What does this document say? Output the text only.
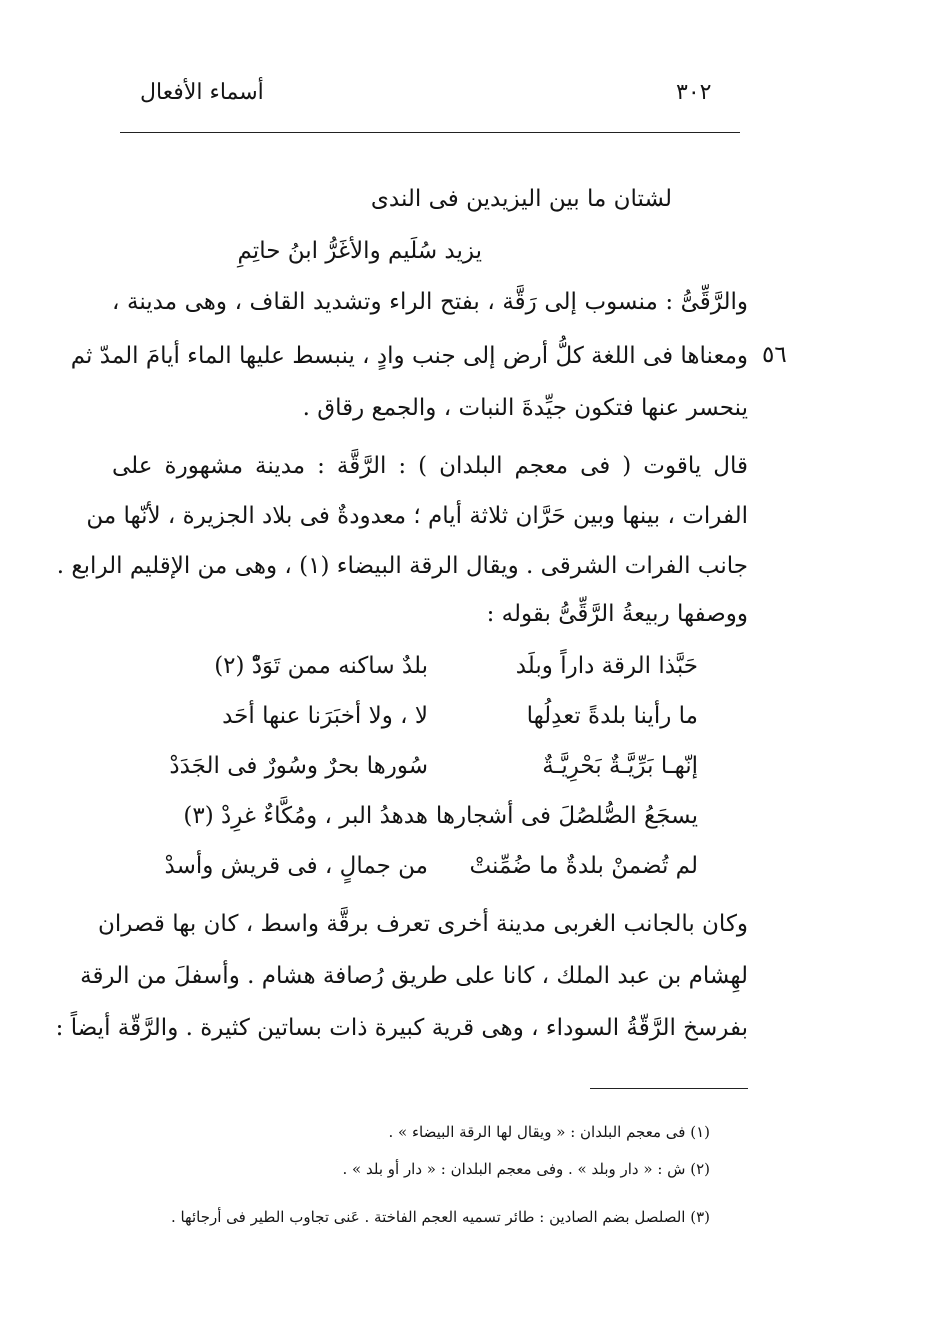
أسماء الأفعال	٣٠٢
لشتان ما بين اليزيدين فى الندى
يزيد سُلَيم والأغَرُّ ابنُ حاتِمِ
والرَّقِّىُّ : منسوب إلى رَقَّة ، بفتح الراء وتشديد القاف ، وهى مدينة ،
٥٦
ومعناها فى اللغة كلُّ أرض إلى جنب وادٍ ، ينبسط عليها الماء أيامَ المدّ ثم
ينحسر عنها فتكون جيِّدةَ النبات ، والجمع رقاق .
قال ياقوت ( فى معجم البلدان ) : الرَّقَّة : مدينة مشهورة على
الفرات ، بينها وبين حَرَّان ثلاثة أيام ؛ معدودةٌ فى بلاد الجزيرة ، لأنّها من
جانب الفرات الشرقى . ويقال الرقة البيضاء (١) ، وهى من الإقليم الرابع .
ووصفها ربيعةُ الرَّقِّىُّ بقوله :
حَبَّذا الرقة داراً وبلَد
بلدٌ ساكنه ممن تَوَدّْ (٢)
ما رأينا بلدةً تعدِلُها
لا ، ولا أخبَرَنا عنها أحَد
إنّهـا بَرِّيَّـةٌ بَحْرِيَّـةٌ
سُورها بحرٌ وسُورٌ فى الجَدَدْ
يسجَعُ الصُّلصُلَ فى أشجارها
هدهدُ البر ، ومُكَّاءٌ غرِدْ (٣)
لم تُضمنْ بلدةٌ ما ضُمِّنتْ
من جمالٍ ، فى قريش وأسدْ
وكان بالجانب الغربى مدينة أخرى تعرف برقَّة واسط ، كان بها قصران
لهِشام بن عبد الملك ، كانا على طريق رُصافة هشام . وأسفلَ من الرقة
بفرسخ الرَّقّةُ السوداء ، وهى قرية كبيرة ذات بساتين كثيرة . والرَّقّة أيضاً :
(١) فى معجم البلدان : « ويقال لها الرقة البيضاء » .
(٢) ش : « دار وبلد » . وفى معجم البلدان : « دار أو بلد » .
(٣) الصلصل بضم الصادين : طائر تسميه العجم الفاختة . عَنى تجاوب الطير فى أرجائها .
